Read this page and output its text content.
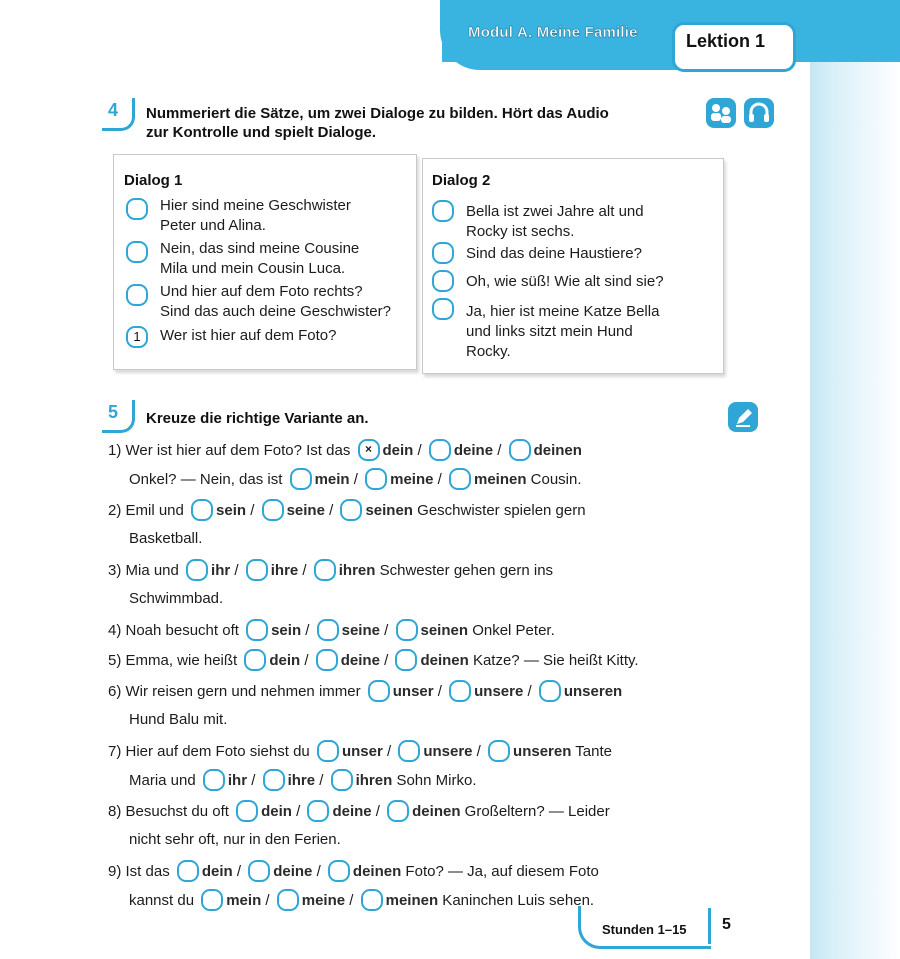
Modul A. Meine Familie	Lektion 1
4 Nummeriert die Sätze, um zwei Dialoge zu bilden. Hört das Audio
zur Kontrolle und spielt Dialoge.
Dialog 1
Hier sind meine Geschwister
Peter und Alina.
Nein, das sind meine Cousine
Mila und mein Cousin Luca.
Und hier auf dem Foto rechts?
Sind das auch deine Geschwister?
1	Wer ist hier auf dem Foto?
Dialog 2
Bella ist zwei Jahre alt und
Rocky ist sechs.
Sind das deine Haustiere?
Oh, wie süß! Wie alt sind sie?
Ja, hier ist meine Katze Bella
und links sitzt mein Hund
Rocky.
5 Kreuze die richtige Variante an.
1) Wer ist hier auf dem Foto? Ist das × dein / deine / deinen
Onkel? — Nein, das ist mein / meine / meinen Cousin.
2) Emil und sein / seine / seinen Geschwister spielen gern
Basketball.
3) Mia und ihr / ihre / ihren Schwester gehen gern ins
Schwimmbad.
4) Noah besucht oft sein / seine / seinen Onkel Peter.
5) Emma, wie heißt dein / deine / deinen Katze? — Sie heißt Kitty.
6) Wir reisen gern und nehmen immer unser / unsere / unseren
Hund Balu mit.
7) Hier auf dem Foto siehst du unser / unsere / unseren Tante
Maria und ihr / ihre / ihren Sohn Mirko.
8) Besuchst du oft dein / deine / deinen Großeltern? — Leider
nicht sehr oft, nur in den Ferien.
9) Ist das dein / deine / deinen Foto? — Ja, auf diesem Foto
kannst du mein / meine / meinen Kaninchen Luis sehen.
Stunden 1–15 5
